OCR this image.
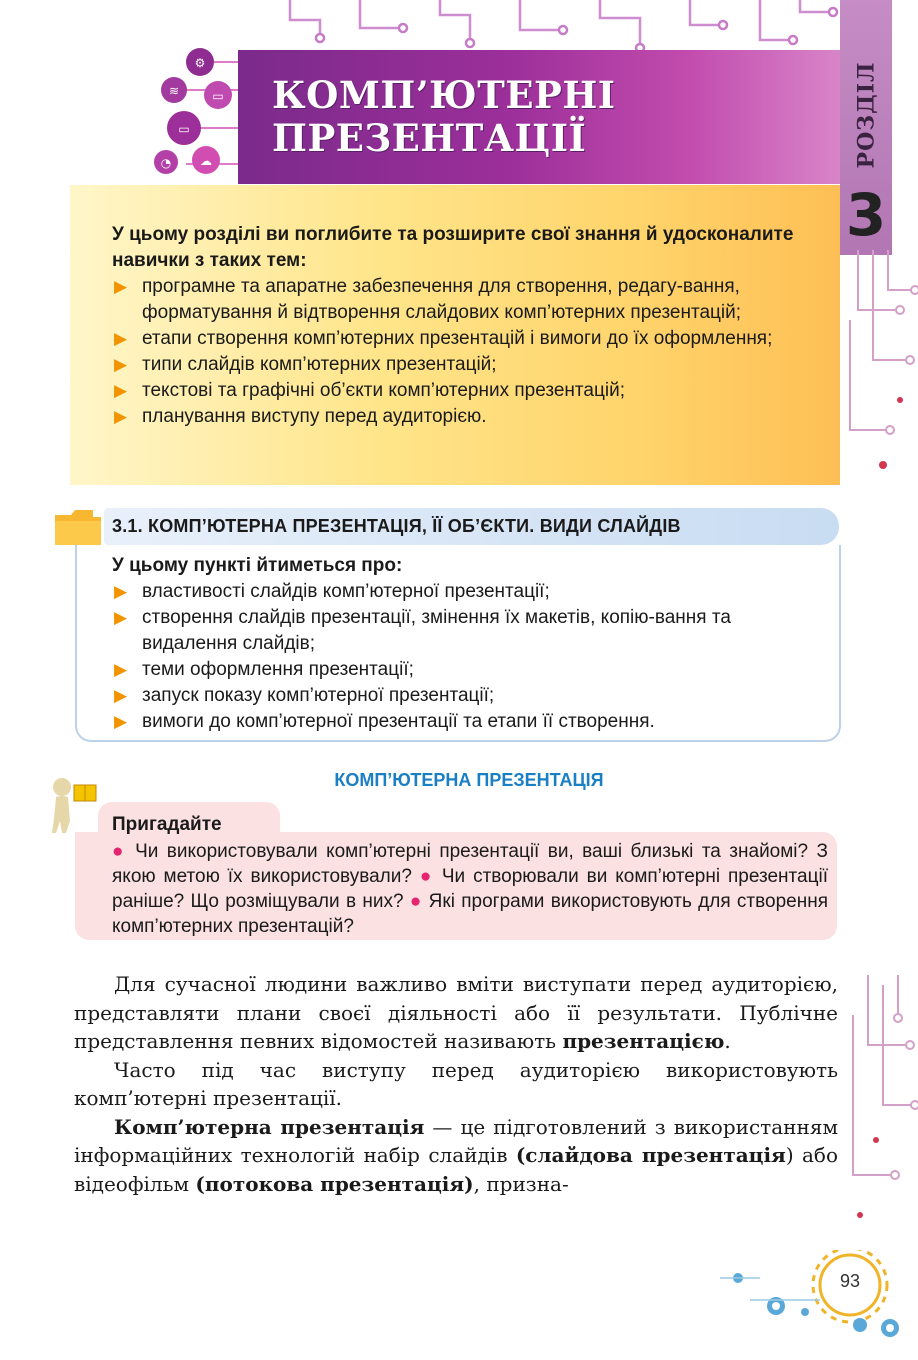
⚙
≋	▭
▭
◔ ☁
КОМП’ЮТЕРНІ ПРЕЗЕНТАЦІЇ	РОЗДІЛ
3

У цьому розділі ви поглибите та розширите свої знання й удосконалите навички з таких тем:

▶ програмне та апаратне забезпечення для створення, редагу-вання, форматування й відтворення слайдових комп’ютерних презентацій;
▶ етапи створення комп’ютерних презентацій і вимоги до їх оформлення;
▶ типи слайдів комп’ютерних презентацій;
▶ текстові та графічні об’єкти комп’ютерних презентацій;
▶ планування виступу перед аудиторією.
3.1. КОМП’ЮТЕРНА ПРЕЗЕНТАЦІЯ, ЇЇ ОБ’ЄКТИ. ВИДИ СЛАЙДІВ

У цьому пункті йтиметься про:

▶ властивості слайдів комп’ютерної презентації;
▶ створення слайдів презентації, змінення їх макетів, копію-вання та видалення слайдів;
▶ теми оформлення презентації;
▶ запуск показу комп’ютерної презентації;
▶ вимоги до комп’ютерної презентації та етапи її створення.
КОМП’ЮТЕРНА ПРЕЗЕНТАЦІЯ
Пригадайте
● Чи використовували комп’ютерні презентації ви, ваші близькі та знайомі? З якою метою їх використовували? ● Чи створювали ви комп’ютерні презентації раніше? Що розміщували в них? ● Які програми використовують для створення комп’ютерних презентацій?

Для сучасної людини важливо вміти виступати перед аудиторією, представляти плани своєї діяльності або її результати. Публічне представлення певних відомостей називають презентацією.

Часто під час виступу перед аудиторією використовують комп’ютерні презентації.

Комп’ютерна презентація — це підготовлений з використанням інформаційних технологій набір слайдів (слайдова презентація) або відеофільм (потокова презентація), призна-

93
